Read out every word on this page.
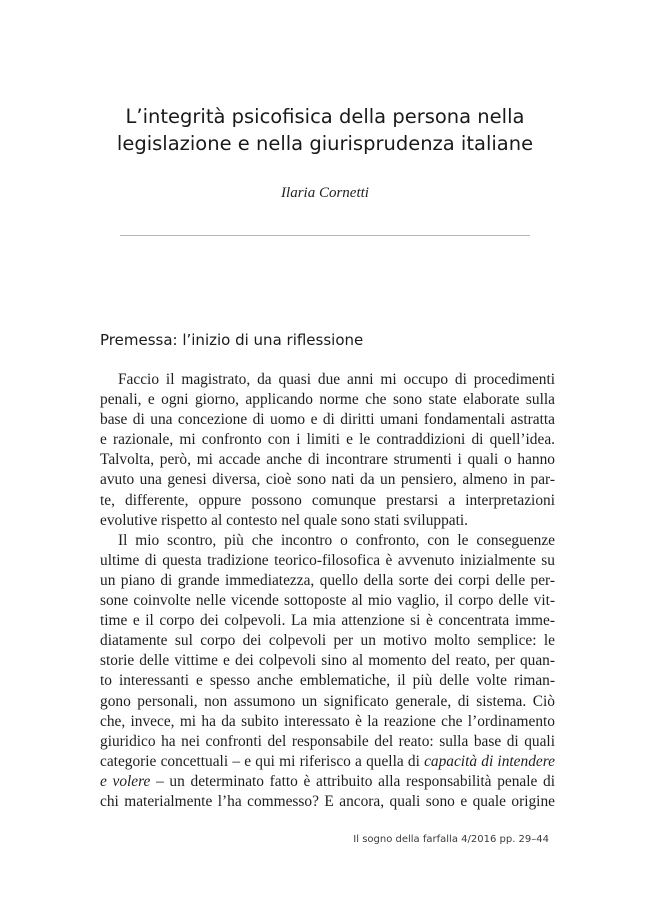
L’integrità psicofisica della persona nella
legislazione e nella giurisprudenza italiane
Ilaria Cornetti
Premessa: l’inizio di una riflessione
Faccio il magistrato, da quasi due anni mi occupo di procedimenti
penali, e ogni giorno, applicando norme che sono state elaborate sulla
base di una concezione di uomo e di diritti umani fondamentali astratta
e razionale, mi confronto con i limiti e le contraddizioni di quell’idea.
Talvolta, però, mi accade anche di incontrare strumenti i quali o hanno
avuto una genesi diversa, cioè sono nati da un pensiero, almeno in par-
te, differente, oppure possono comunque prestarsi a interpretazioni
evolutive rispetto al contesto nel quale sono stati sviluppati.
Il mio scontro, più che incontro o confronto, con le conseguenze
ultime di questa tradizione teorico-filosofica è avvenuto inizialmente su
un piano di grande immediatezza, quello della sorte dei corpi delle per-
sone coinvolte nelle vicende sottoposte al mio vaglio, il corpo delle vit-
time e il corpo dei colpevoli. La mia attenzione si è concentrata imme-
diatamente sul corpo dei colpevoli per un motivo molto semplice: le
storie delle vittime e dei colpevoli sino al momento del reato, per quan-
to interessanti e spesso anche emblematiche, il più delle volte riman-
gono personali, non assumono un significato generale, di sistema. Ciò
che, invece, mi ha da subito interessato è la reazione che l’ordinamento
giuridico ha nei confronti del responsabile del reato: sulla base di quali
categorie concettuali – e qui mi riferisco a quella di capacità di intendere
e volere – un determinato fatto è attribuito alla responsabilità penale di
chi materialmente l’ha commesso? E ancora, quali sono e quale origine
Il sogno della farfalla 4/2016 pp. 29–44
